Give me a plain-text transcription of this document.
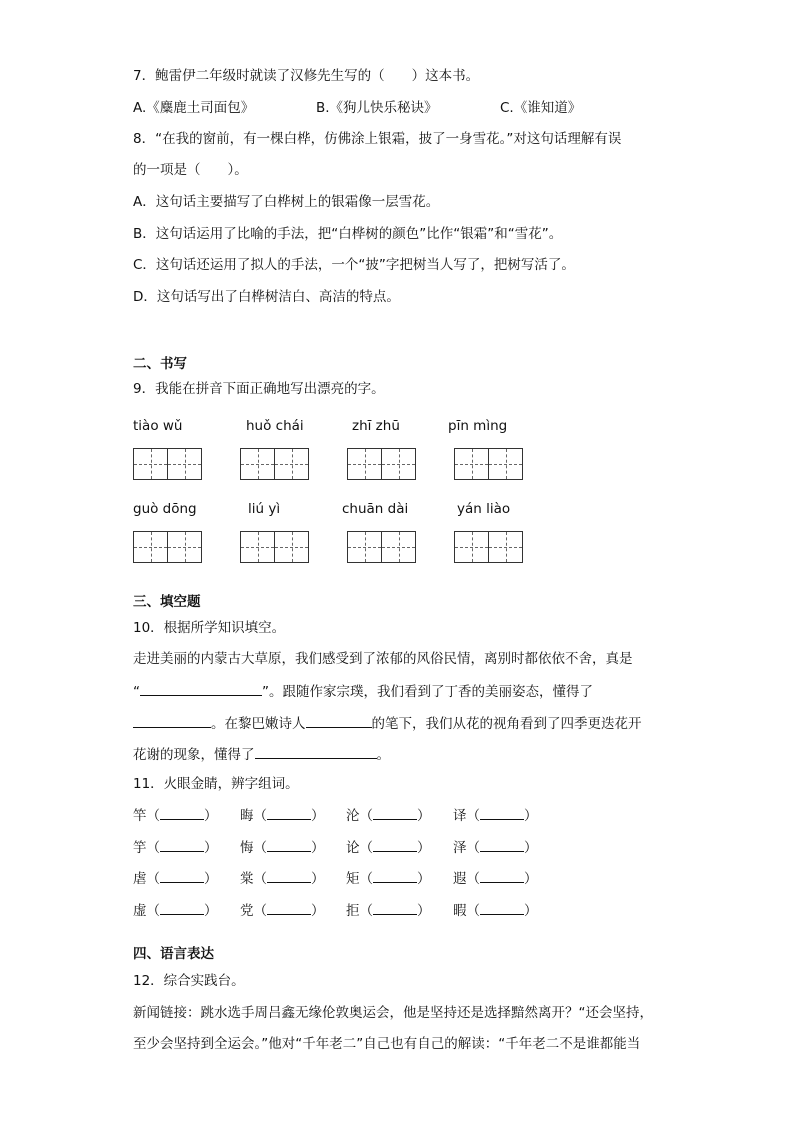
7．鲍雷伊二年级时就读了汉修先生写的（　　）这本书。
A.《麋鹿土司面包》	B.《狗儿快乐秘诀》	C.《谁知道》
8．“在我的窗前，有一棵白桦，仿佛涂上银霜，披了一身雪花。”对这句话理解有误
的一项是（　　）。
A．这句话主要描写了白桦树上的银霜像一层雪花。
B．这句话运用了比喻的手法，把“白桦树的颜色”比作“银霜”和“雪花”。
C．这句话还运用了拟人的手法，一个“披”字把树当人写了，把树写活了。
D．这句话写出了白桦树洁白、高洁的特点。
二、书写
9．我能在拼音下面正确地写出漂亮的字。
tiào wǔ	huǒ chái	zhī zhū	pīn mìng
guò dōng	liú yì	chuān dài	yán liào
三、填空题
10．根据所学知识填空。
走进美丽的内蒙古大草原，我们感受到了浓郁的风俗民情，离别时都依依不舍，真是
“	”。跟随作家宗璞，我们看到了丁香的美丽姿态，懂得了
。在黎巴嫩诗人	的笔下，我们从花的视角看到了四季更迭花开
花谢的现象，懂得了	。
11．火眼金睛，辨字组词。
竿（	） 晦（	） 沦（	） 译（	）
竽（	） 悔（	） 论（	） 泽（	）
虐（	） 棠（	） 矩（	） 遐（	）
虚（	） 党（	） 拒（	） 暇（	）
四、语言表达
12．综合实践台。
新闻链接：跳水选手周吕鑫无缘伦敦奥运会，他是坚持还是选择黯然离开？“还会坚持，
至少会坚持到全运会。”他对“千年老二”自己也有自己的解读：“千年老二不是谁都能当
